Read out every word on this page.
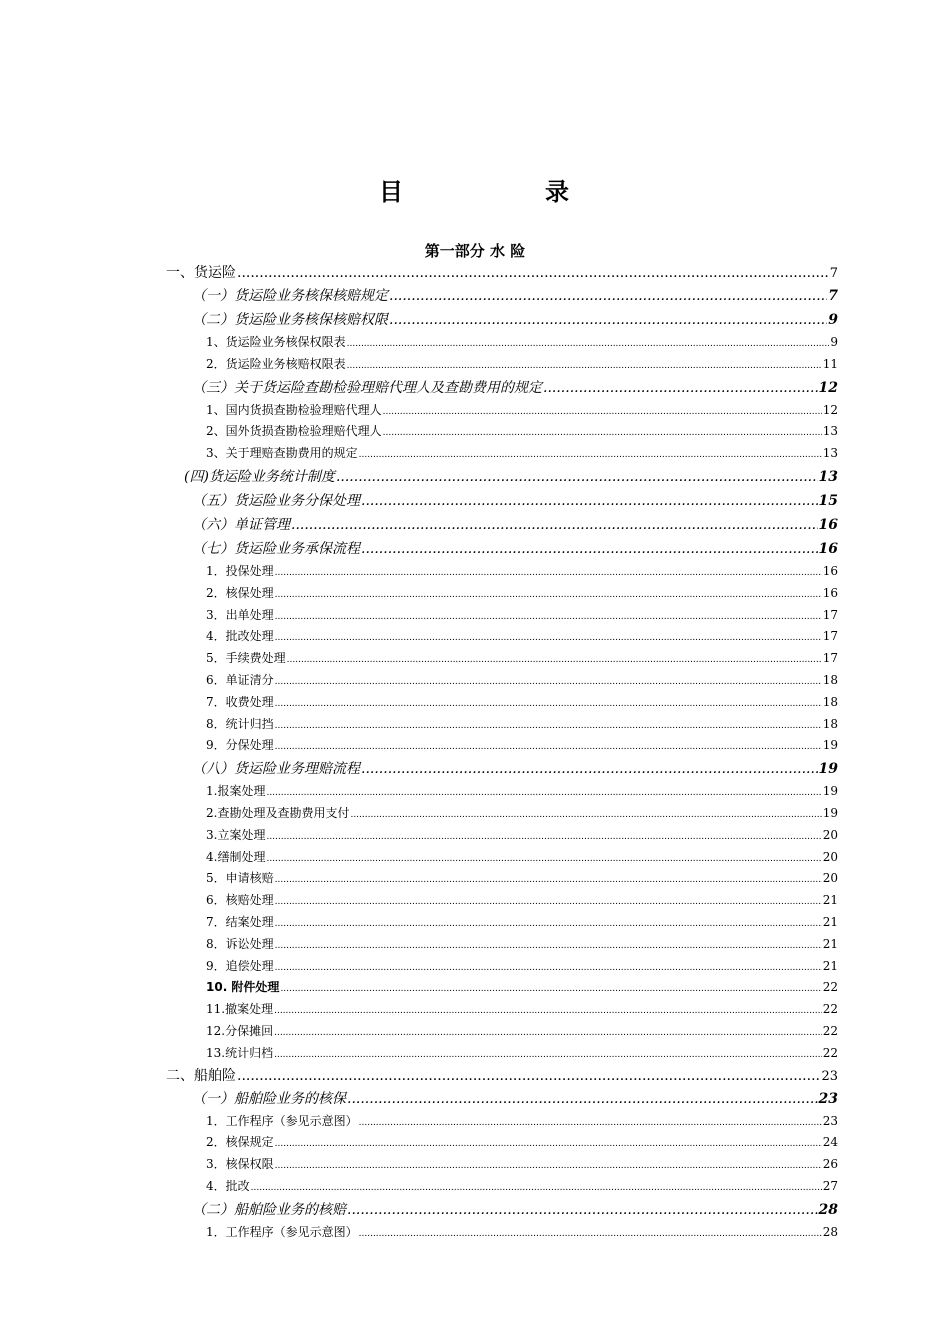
目	录
第一部分 水 险
一、货运险 .....	7
（一）货运险业务核保核赔规定 .....	7
（二）货运险业务核保核赔权限 .....	9
1、货运险业务核保权限表 .....	9
2．货运险业务核赔权限表 .....	11
（三）关于货运险查勘检验理赔代理人及查勘费用的规定 .....	12
1、国内货损查勘检验理赔代理人 .....	12
2、国外货损查勘检验理赔代理人 .....	13
3、关于理赔查勘费用的规定 .....	13
(四)货运险业务统计制度 .....	13
（五）货运险业务分保处理 .....	15
（六）单证管理 .....	16
（七）货运险业务承保流程 .....	16
1．投保处理 .....	16
2．核保处理 .....	16
3．出单处理 .....	17
4．批改处理 .....	17
5．手续费处理 .....	17
6．单证清分 .....	18
7．收费处理 .....	18
8．统计归挡 .....	18
9．分保处理 .....	19
（八）货运险业务理赔流程 .....	19
1.报案处理 .....	19
2.查勘处理及查勘费用支付 .....	19
3.立案处理 .....	20
4.缮制处理 .....	20
5．申请核赔 .....	20
6．核赔处理 .....	21
7．结案处理 .....	21
8．诉讼处理 .....	21
9．追偿处理 .....	21
10. 附件处理 .....	22
11.撤案处理 .....	22
12.分保摊回 .....	22
13.统计归档 .....	22
二、船舶险 .....	23
（一）船舶险业务的核保 .....	23
1．工作程序（参见示意图） .....	23
2．核保规定 .....	24
3．核保权限 .....	26
4．批改 .....	27
（二）船舶险业务的核赔 .....	28
1．工作程序（参见示意图） .....	28
